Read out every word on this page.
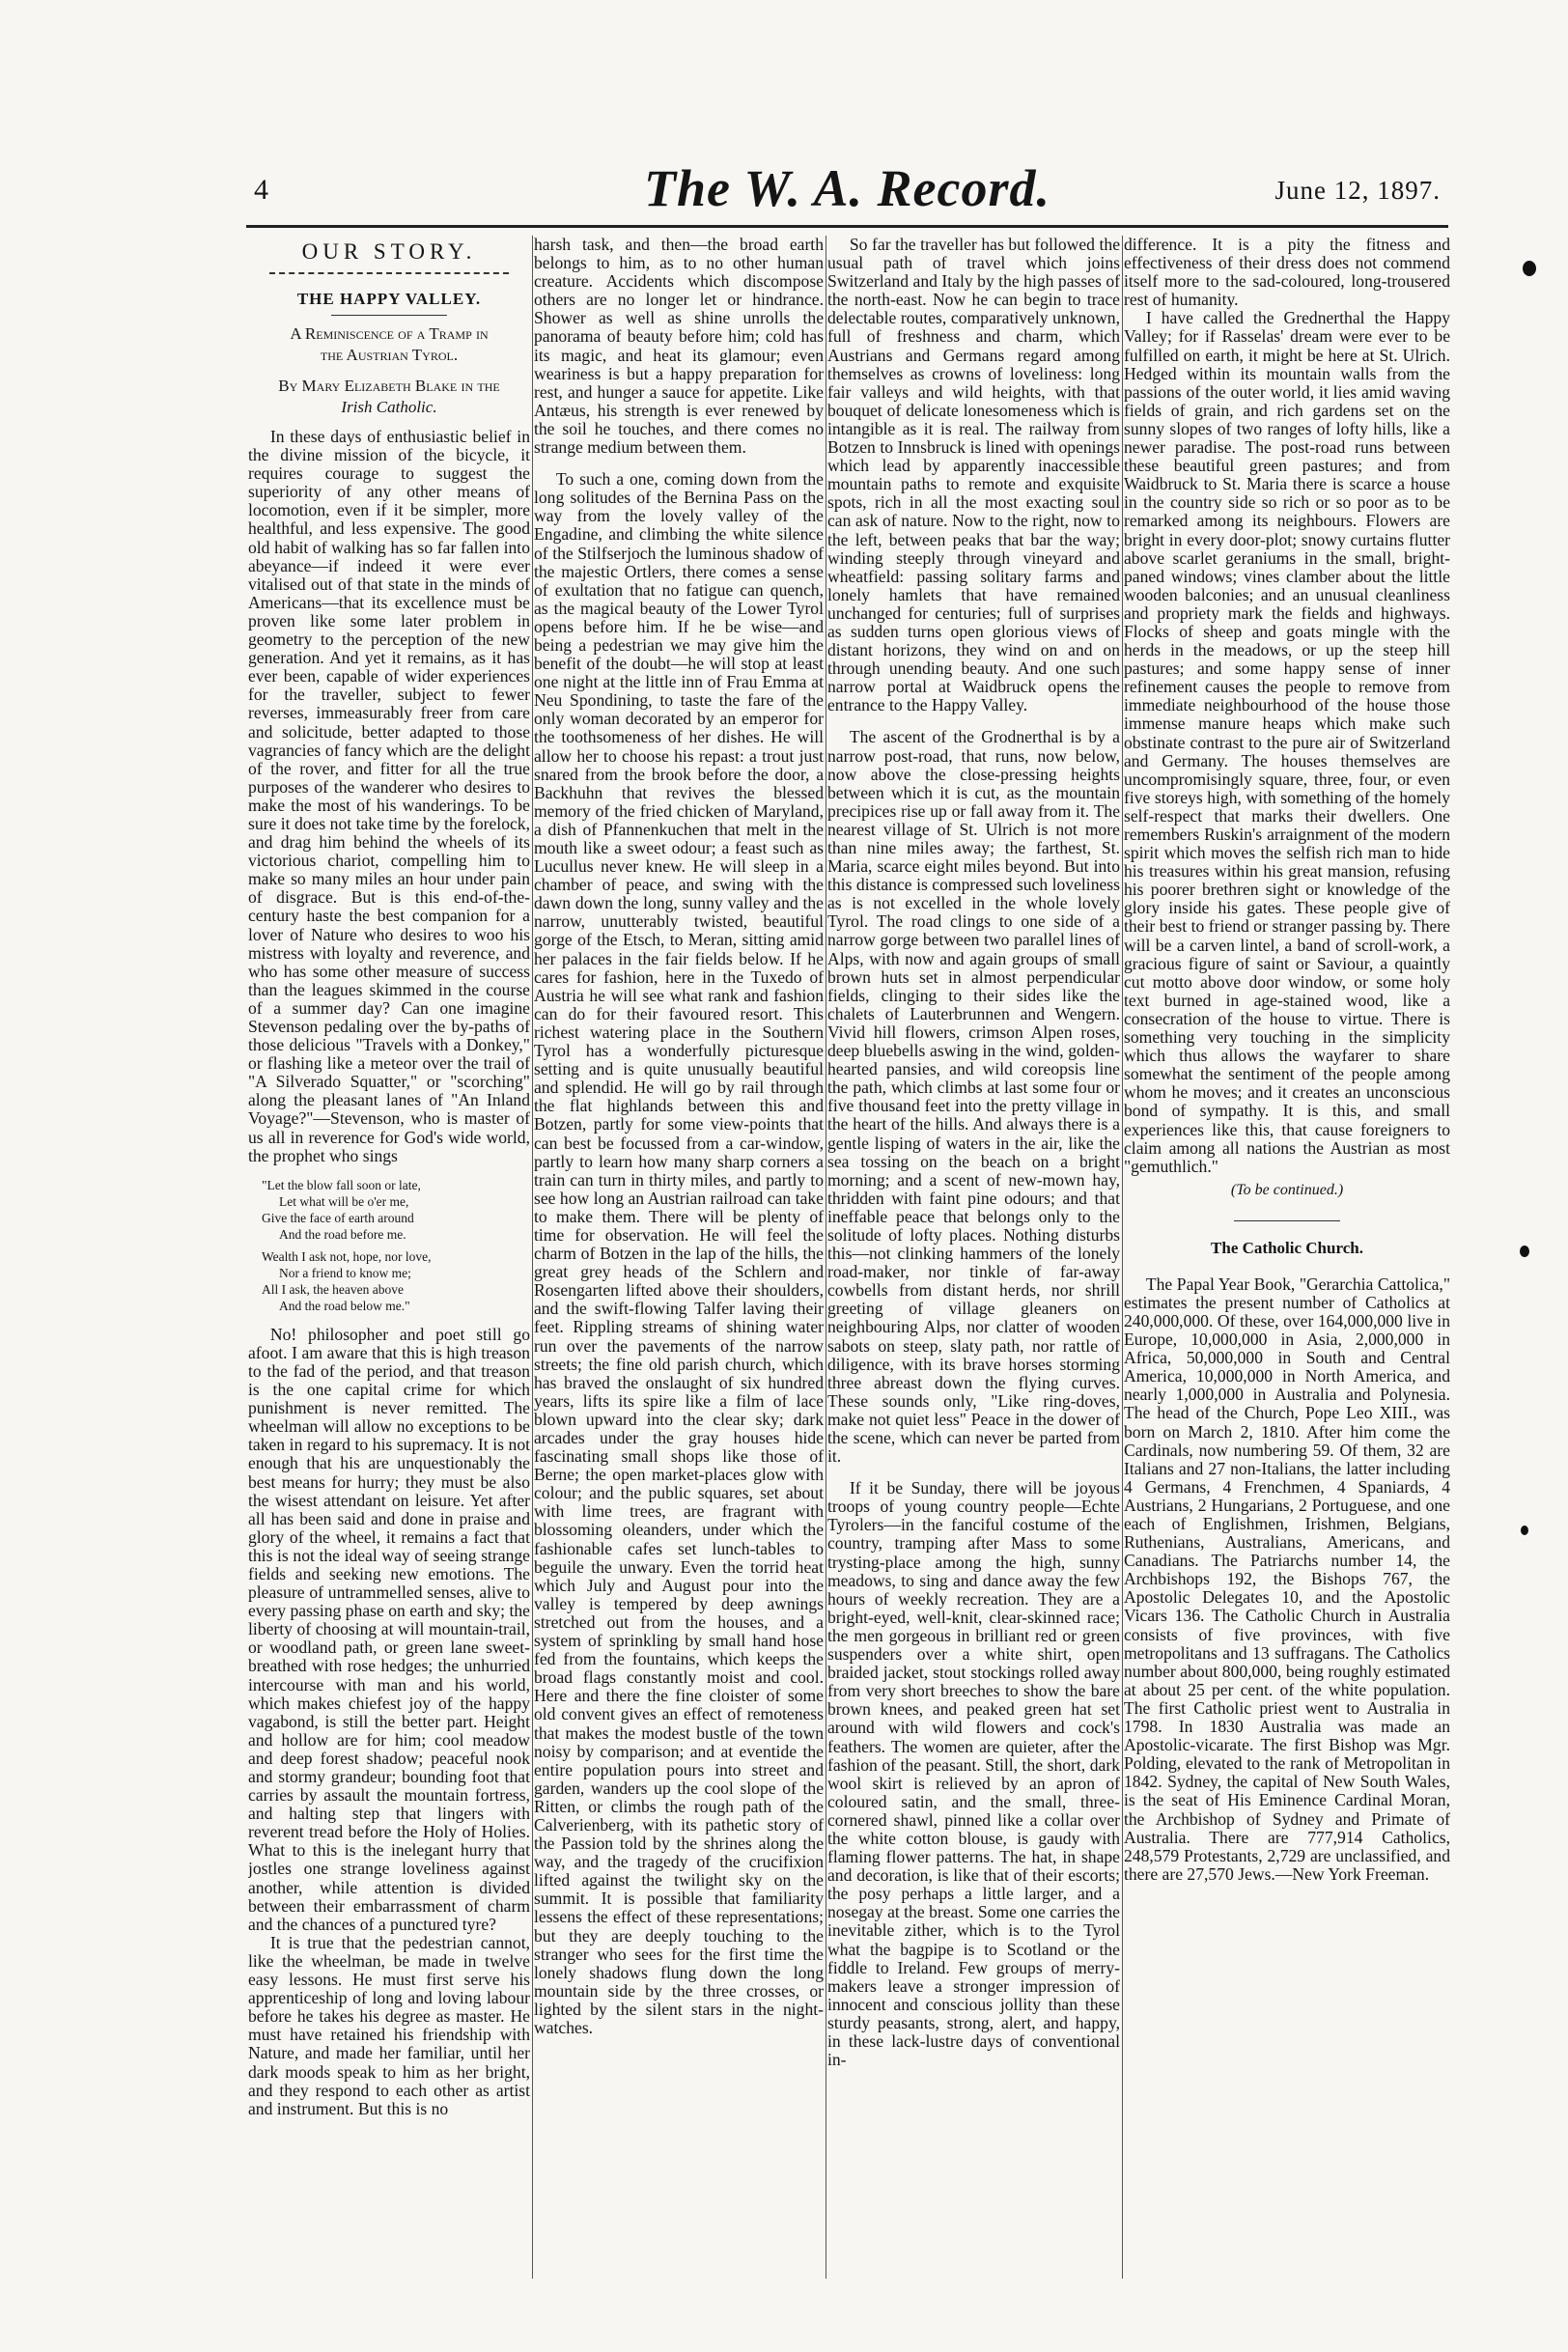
4	The W. A. Record.	June 12, 1897.
OUR STORY.
THE HAPPY VALLEY.
A Reminiscence of a Tramp in
the Austrian Tyrol.
By Mary Elizabeth Blake in the
Irish Catholic.

In these days of enthusiastic belief in the divine mission of the bicycle, it requires courage to suggest the superiority of any other means of locomotion, even if it be simpler, more healthful, and less expensive. The good old habit of walking has so far fallen into abeyance—if indeed it were ever vitalised out of that state in the minds of Americans—that its excellence must be proven like some later problem in geometry to the perception of the new generation. And yet it remains, as it has ever been, capable of wider experiences for the traveller, subject to fewer reverses, immeasurably freer from care and solicitude, better adapted to those vagrancies of fancy which are the delight of the rover, and fitter for all the true purposes of the wanderer who desires to make the most of his wanderings. To be sure it does not take time by the forelock, and drag him behind the wheels of its victorious chariot, compelling him to make so many miles an hour under pain of disgrace. But is this end-of-the-century haste the best companion for a lover of Nature who desires to woo his mistress with loyalty and reverence, and who has some other measure of success than the leagues skimmed in the course of a summer day? Can one imagine Stevenson pedaling over the by-paths of those delicious "Travels with a Donkey," or flashing like a meteor over the trail of "A Silverado Squatter," or "scorching" along the pleasant lanes of "An Inland Voyage?"—Stevenson, who is master of us all in reverence for God's wide world, the prophet who sings

"Let the blow fall soon or late,
Let what will be o'er me,
Give the face of earth around
And the road before me.
Wealth I ask not, hope, nor love,
Nor a friend to know me;
All I ask, the heaven above
And the road below me."

No! philosopher and poet still go afoot. I am aware that this is high treason to the fad of the period, and that treason is the one capital crime for which punishment is never remitted. The wheelman will allow no exceptions to be taken in regard to his supremacy. It is not enough that his are unquestionably the best means for hurry; they must be also the wisest attendant on leisure. Yet after all has been said and done in praise and glory of the wheel, it remains a fact that this is not the ideal way of seeing strange fields and seeking new emotions. The pleasure of untrammelled senses, alive to every passing phase on earth and sky; the liberty of choosing at will mountain-trail, or woodland path, or green lane sweet-breathed with rose hedges; the unhurried intercourse with man and his world, which makes chiefest joy of the happy vagabond, is still the better part. Height and hollow are for him; cool meadow and deep forest shadow; peaceful nook and stormy grandeur; bounding foot that carries by assault the mountain fortress, and halting step that lingers with reverent tread before the Holy of Holies. What to this is the inelegant hurry that jostles one strange loveliness against another, while attention is divided between their embarrassment of charm and the chances of a punctured tyre?

It is true that the pedestrian cannot, like the wheelman, be made in twelve easy lessons. He must first serve his apprenticeship of long and loving labour before he takes his degree as master. He must have retained his friendship with Nature, and made her familiar, until her dark moods speak to him as her bright, and they respond to each other as artist and instrument. But this is no

harsh task, and then—the broad earth belongs to him, as to no other human creature. Accidents which discompose others are no longer let or hindrance. Shower as well as shine unrolls the panorama of beauty before him; cold has its magic, and heat its glamour; even weariness is but a happy preparation for rest, and hunger a sauce for appetite. Like Antæus, his strength is ever renewed by the soil he touches, and there comes no strange medium between them.

To such a one, coming down from the long solitudes of the Bernina Pass on the way from the lovely valley of the Engadine, and climbing the white silence of the Stilfserjoch the luminous shadow of the majestic Ortlers, there comes a sense of exultation that no fatigue can quench, as the magical beauty of the Lower Tyrol opens before him. If he be wise—and being a pedestrian we may give him the benefit of the doubt—he will stop at least one night at the little inn of Frau Emma at Neu Spondining, to taste the fare of the only woman decorated by an emperor for the toothsomeness of her dishes. He will allow her to choose his repast: a trout just snared from the brook before the door, a Backhuhn that revives the blessed memory of the fried chicken of Maryland, a dish of Pfannenkuchen that melt in the mouth like a sweet odour; a feast such as Lucullus never knew. He will sleep in a chamber of peace, and swing with the dawn down the long, sunny valley and the narrow, unutterably twisted, beautiful gorge of the Etsch, to Meran, sitting amid her palaces in the fair fields below. If he cares for fashion, here in the Tuxedo of Austria he will see what rank and fashion can do for their favoured resort. This richest watering place in the Southern Tyrol has a wonderfully picturesque setting and is quite unusually beautiful and splendid. He will go by rail through the flat highlands between this and Botzen, partly for some view-points that can best be focussed from a car-window, partly to learn how many sharp corners a train can turn in thirty miles, and partly to see how long an Austrian railroad can take to make them. There will be plenty of time for observation. He will feel the charm of Botzen in the lap of the hills, the great grey heads of the Schlern and Rosengarten lifted above their shoulders, and the swift-flowing Talfer laving their feet. Rippling streams of shining water run over the pavements of the narrow streets; the fine old parish church, which has braved the onslaught of six hundred years, lifts its spire like a film of lace blown upward into the clear sky; dark arcades under the gray houses hide fascinating small shops like those of Berne; the open market-places glow with colour; and the public squares, set about with lime trees, are fragrant with blossoming oleanders, under which the fashionable cafes set lunch-tables to beguile the unwary. Even the torrid heat which July and August pour into the valley is tempered by deep awnings stretched out from the houses, and a system of sprinkling by small hand hose fed from the fountains, which keeps the broad flags constantly moist and cool. Here and there the fine cloister of some old convent gives an effect of remoteness that makes the modest bustle of the town noisy by comparison; and at eventide the entire population pours into street and garden, wanders up the cool slope of the Ritten, or climbs the rough path of the Calverienberg, with its pathetic story of the Passion told by the shrines along the way, and the tragedy of the crucifixion lifted against the twilight sky on the summit. It is possible that familiarity lessens the effect of these representations; but they are deeply touching to the stranger who sees for the first time the lonely shadows flung down the long mountain side by the three crosses, or lighted by the silent stars in the night-watches.

So far the traveller has but followed the usual path of travel which joins Switzerland and Italy by the high passes of the north-east. Now he can begin to trace delectable routes, comparatively unknown, full of freshness and charm, which Austrians and Germans regard among themselves as crowns of loveliness: long fair valleys and wild heights, with that bouquet of delicate lonesomeness which is intangible as it is real. The railway from Botzen to Innsbruck is lined with openings which lead by apparently inaccessible mountain paths to remote and exquisite spots, rich in all the most exacting soul can ask of nature. Now to the right, now to the left, between peaks that bar the way; winding steeply through vineyard and wheatfield: passing solitary farms and lonely hamlets that have remained unchanged for centuries; full of surprises as sudden turns open glorious views of distant horizons, they wind on and on through unending beauty. And one such narrow portal at Waidbruck opens the entrance to the Happy Valley.

The ascent of the Grodnerthal is by a narrow post-road, that runs, now below, now above the close-pressing heights between which it is cut, as the mountain precipices rise up or fall away from it. The nearest village of St. Ulrich is not more than nine miles away; the farthest, St. Maria, scarce eight miles beyond. But into this distance is compressed such loveliness as is not excelled in the whole lovely Tyrol. The road clings to one side of a narrow gorge between two parallel lines of Alps, with now and again groups of small brown huts set in almost perpendicular fields, clinging to their sides like the chalets of Lauterbrunnen and Wengern. Vivid hill flowers, crimson Alpen roses, deep bluebells aswing in the wind, golden-hearted pansies, and wild coreopsis line the path, which climbs at last some four or five thousand feet into the pretty village in the heart of the hills. And always there is a gentle lisping of waters in the air, like the sea tossing on the beach on a bright morning; and a scent of new-mown hay, thridden with faint pine odours; and that ineffable peace that belongs only to the solitude of lofty places. Nothing disturbs this—not clinking hammers of the lonely road-maker, nor tinkle of far-away cowbells from distant herds, nor shrill greeting of village gleaners on neighbouring Alps, nor clatter of wooden sabots on steep, slaty path, nor rattle of diligence, with its brave horses storming three abreast down the flying curves. These sounds only, "Like ring-doves, make not quiet less" Peace in the dower of the scene, which can never be parted from it.

If it be Sunday, there will be joyous troops of young country people—Echte Tyrolers—in the fanciful costume of the country, tramping after Mass to some trysting-place among the high, sunny meadows, to sing and dance away the few hours of weekly recreation. They are a bright-eyed, well-knit, clear-skinned race; the men gorgeous in brilliant red or green suspenders over a white shirt, open braided jacket, stout stockings rolled away from very short breeches to show the bare brown knees, and peaked green hat set around with wild flowers and cock's feathers. The women are quieter, after the fashion of the peasant. Still, the short, dark wool skirt is relieved by an apron of coloured satin, and the small, three-cornered shawl, pinned like a collar over the white cotton blouse, is gaudy with flaming flower patterns. The hat, in shape and decoration, is like that of their escorts; the posy perhaps a little larger, and a nosegay at the breast. Some one carries the inevitable zither, which is to the Tyrol what the bagpipe is to Scotland or the fiddle to Ireland. Few groups of merry-makers leave a stronger impression of innocent and conscious jollity than these sturdy peasants, strong, alert, and happy, in these lack-lustre days of conventional in-

difference. It is a pity the fitness and effectiveness of their dress does not commend itself more to the sad-coloured, long-trousered rest of humanity.

I have called the Grednerthal the Happy Valley; for if Rasselas' dream were ever to be fulfilled on earth, it might be here at St. Ulrich. Hedged within its mountain walls from the passions of the outer world, it lies amid waving fields of grain, and rich gardens set on the sunny slopes of two ranges of lofty hills, like a newer paradise. The post-road runs between these beautiful green pastures; and from Waidbruck to St. Maria there is scarce a house in the country side so rich or so poor as to be remarked among its neighbours. Flowers are bright in every door-plot; snowy curtains flutter above scarlet geraniums in the small, bright-paned windows; vines clamber about the little wooden balconies; and an unusual cleanliness and propriety mark the fields and highways. Flocks of sheep and goats mingle with the herds in the meadows, or up the steep hill pastures; and some happy sense of inner refinement causes the people to remove from immediate neighbourhood of the house those immense manure heaps which make such obstinate contrast to the pure air of Switzerland and Germany. The houses themselves are uncompromisingly square, three, four, or even five storeys high, with something of the homely self-respect that marks their dwellers. One remembers Ruskin's arraignment of the modern spirit which moves the selfish rich man to hide his treasures within his great mansion, refusing his poorer brethren sight or knowledge of the glory inside his gates. These people give of their best to friend or stranger passing by. There will be a carven lintel, a band of scroll-work, a gracious figure of saint or Saviour, a quaintly cut motto above door window, or some holy text burned in age-stained wood, like a consecration of the house to virtue. There is something very touching in the simplicity which thus allows the wayfarer to share somewhat the sentiment of the people among whom he moves; and it creates an unconscious bond of sympathy. It is this, and small experiences like this, that cause foreigners to claim among all nations the Austrian as most "gemuthlich."

(To be continued.)
The Catholic Church.

The Papal Year Book, "Gerarchia Cattolica," estimates the present number of Catholics at 240,000,000. Of these, over 164,000,000 live in Europe, 10,000,000 in Asia, 2,000,000 in Africa, 50,000,000 in South and Central America, 10,000,000 in North America, and nearly 1,000,000 in Australia and Polynesia. The head of the Church, Pope Leo XIII., was born on March 2, 1810. After him come the Cardinals, now numbering 59. Of them, 32 are Italians and 27 non-Italians, the latter including 4 Germans, 4 Frenchmen, 4 Spaniards, 4 Austrians, 2 Hungarians, 2 Portuguese, and one each of Englishmen, Irishmen, Belgians, Ruthenians, Australians, Americans, and Canadians. The Patriarchs number 14, the Archbishops 192, the Bishops 767, the Apostolic Delegates 10, and the Apostolic Vicars 136. The Catholic Church in Australia consists of five provinces, with five metropolitans and 13 suffragans. The Catholics number about 800,000, being roughly estimated at about 25 per cent. of the white population. The first Catholic priest went to Australia in 1798. In 1830 Australia was made an Apostolic-vicarate. The first Bishop was Mgr. Polding, elevated to the rank of Metropolitan in 1842. Sydney, the capital of New South Wales, is the seat of His Eminence Cardinal Moran, the Archbishop of Sydney and Primate of Australia. There are 777,914 Catholics, 248,579 Protestants, 2,729 are unclassified, and there are 27,570 Jews.—New York Freeman.
